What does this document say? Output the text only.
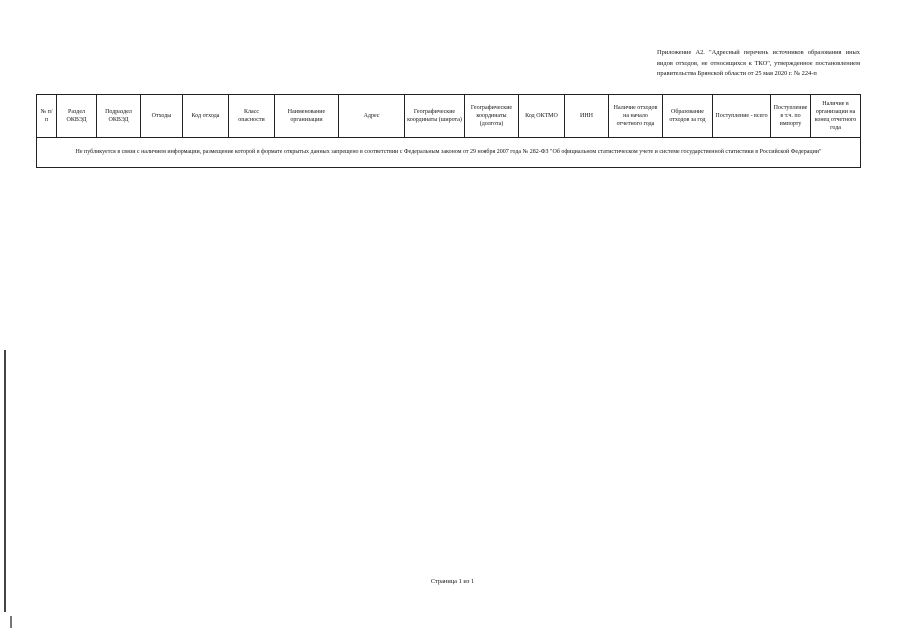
Приложение А2. "Адресный перечень источников образования иных видов отходов, не относящихся к ТКО", утвержденное постановлением правительства Брянской области от 25 мая 2020 г. № 224-п
№ п/п	Раздел ОКВЭД	Подраздел ОКВЭД	Отходы	Код отхода	Класс опасности	Наименование организации	Адрес	Географические координаты (широта)	Географические координаты (долгота)	Код ОКТМО	ИНН	Наличие отходов на начало отчетного года	Образование отходов за год	Поступление - всего	Поступление в т.ч. по импорту	Наличие в организации на конец отчетного года
Не публикуется в связи с наличием информации, размещение которой в формате открытых данных запрещено в соответствии с Федеральным законом от 29 ноября 2007 года № 282-ФЗ "Об официальном статистическом учете и системе государственной статистики в Российской Федерации"
Страница 1 из 1
